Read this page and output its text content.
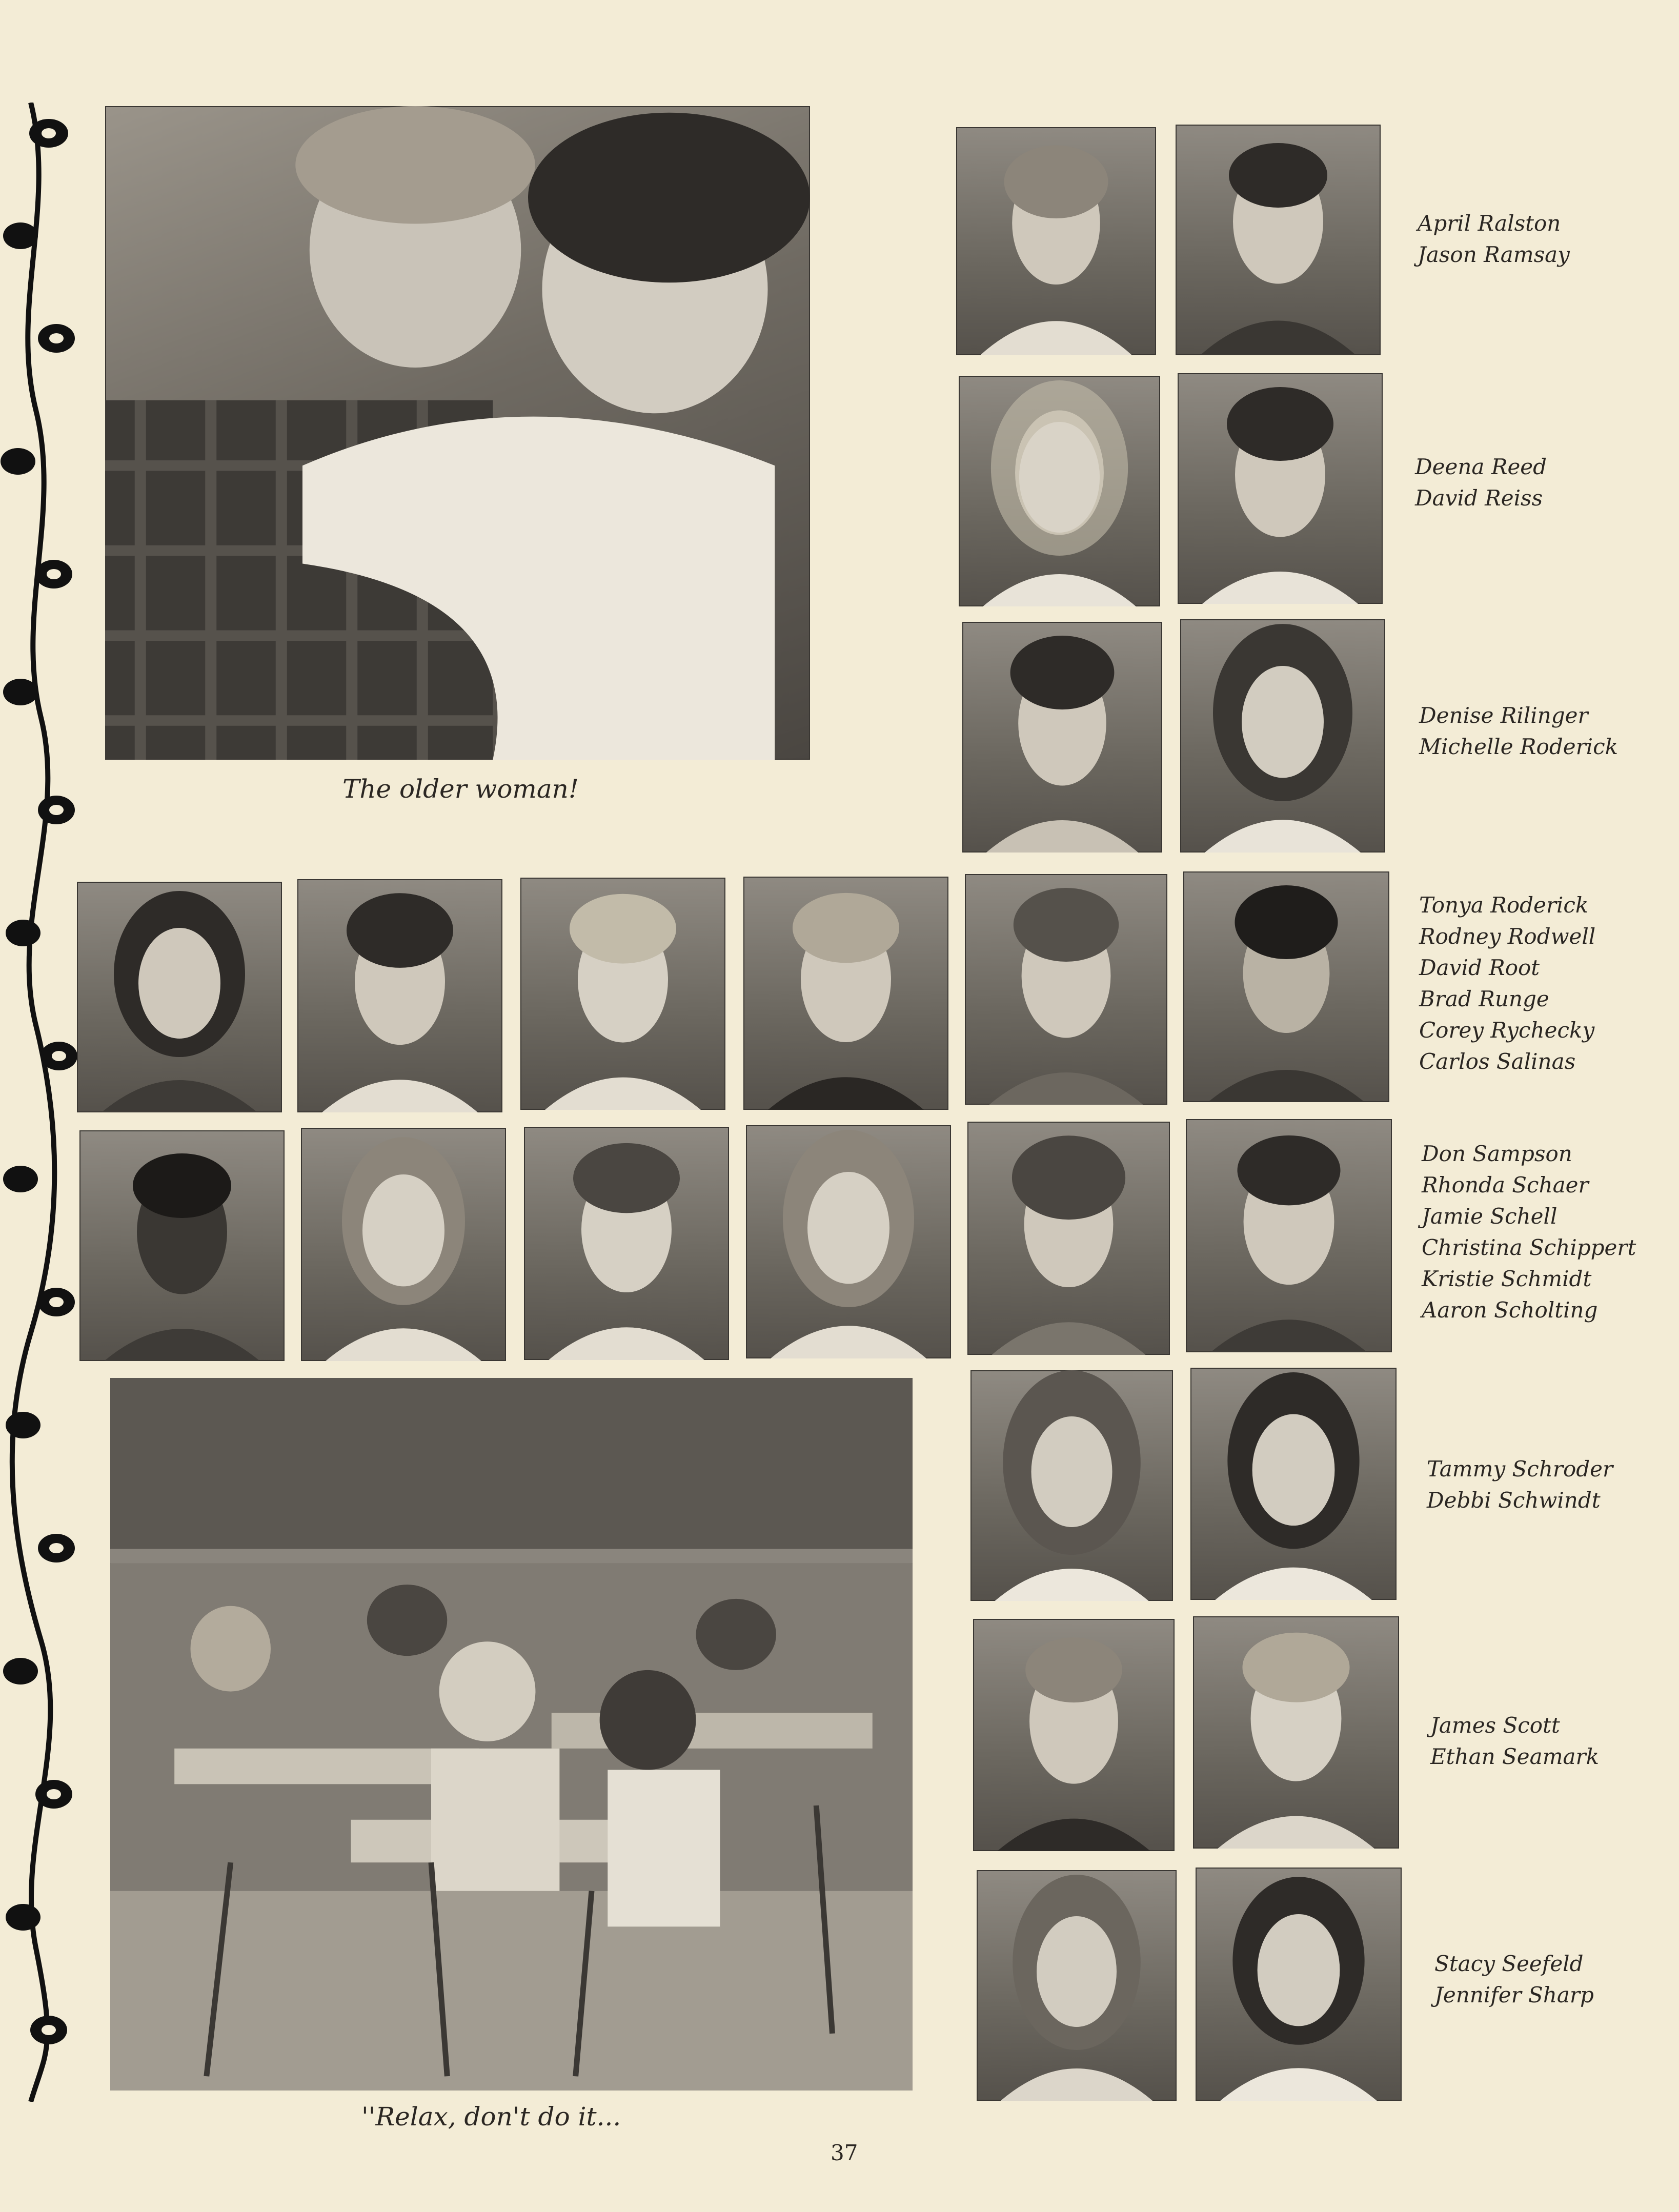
The older woman!
''Relax, don't do it...
April Ralston
Jason Ramsay
Deena Reed
David Reiss
Denise Rilinger
Michelle Roderick
Tonya Roderick
Rodney Rodwell
David Root
Brad Runge
Corey Rychecky
Carlos Salinas
Don Sampson
Rhonda Schaer
Jamie Schell
Christina Schippert
Kristie Schmidt
Aaron Scholting
Tammy Schroder
Debbi Schwindt
James Scott
Ethan Seamark
Stacy Seefeld
Jennifer Sharp
37
